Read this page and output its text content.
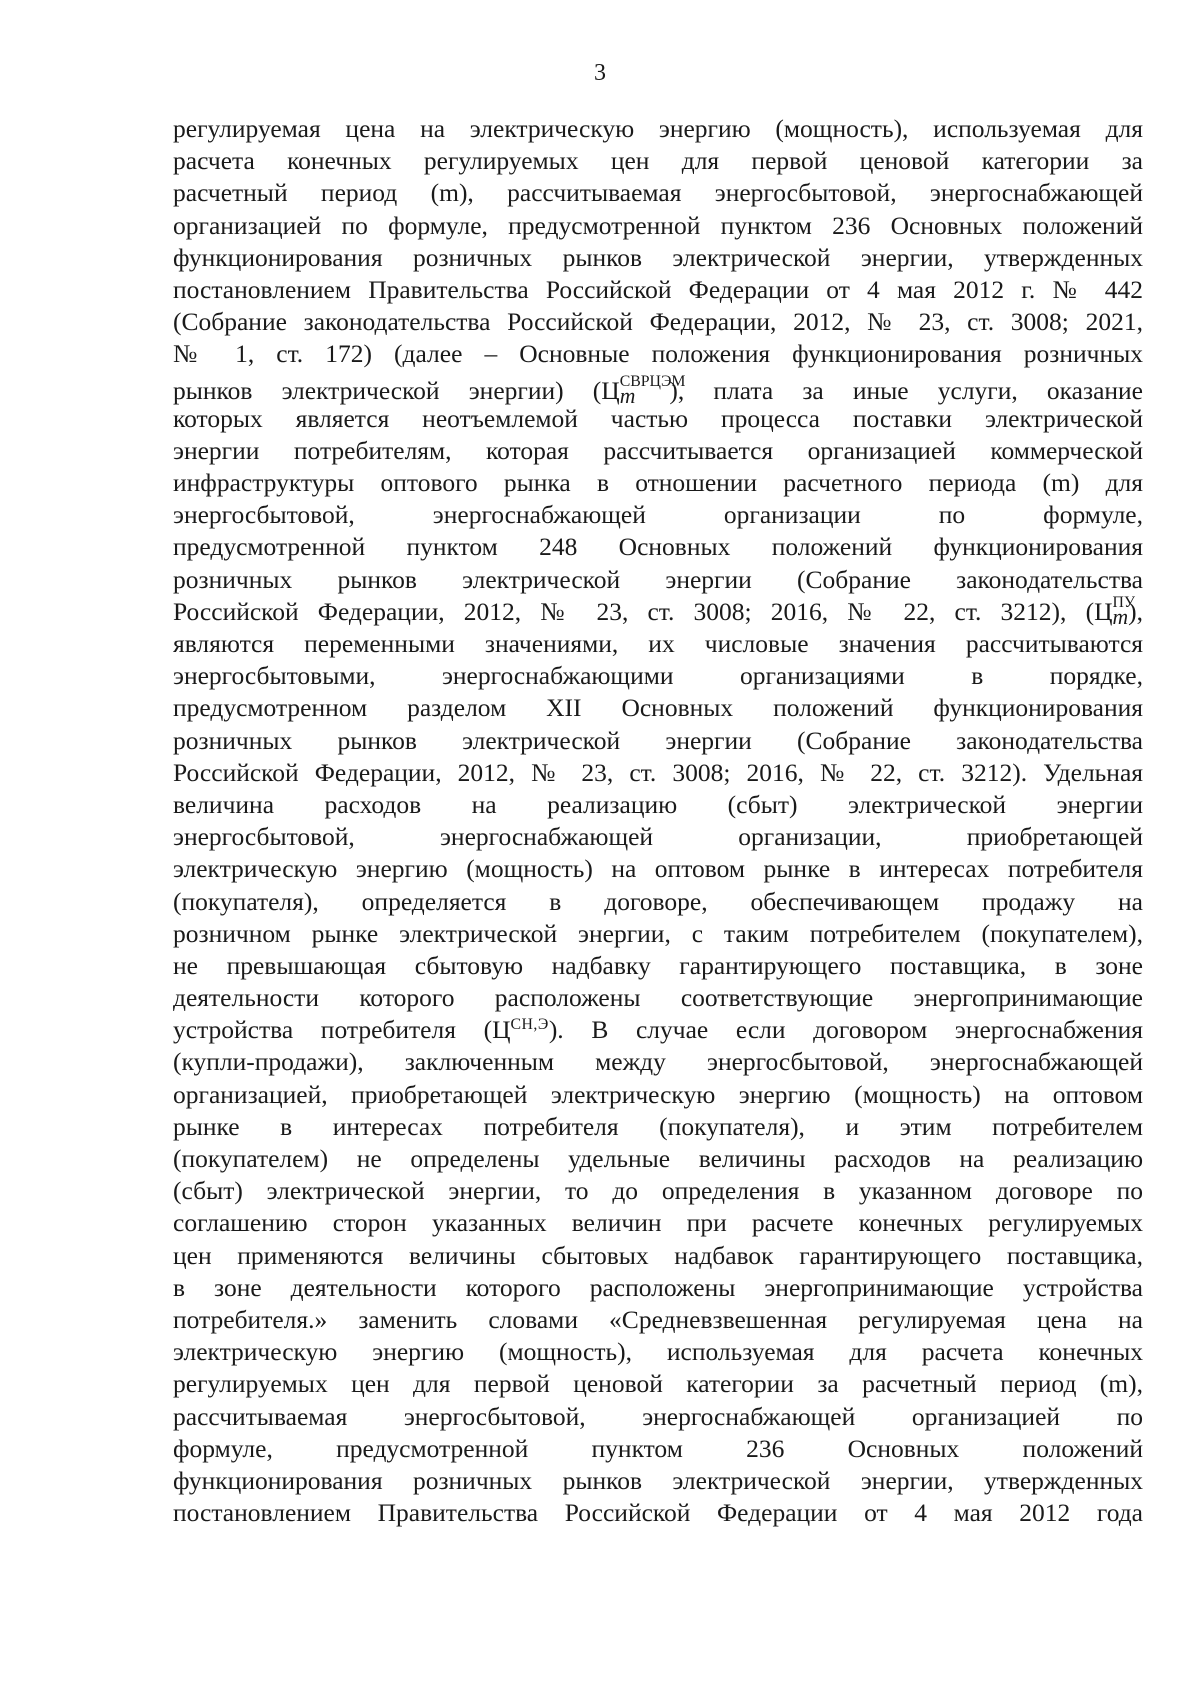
3
регулируемая цена на электрическую энергию (мощность), используемая для
расчета конечных регулируемых цен для первой ценовой категории за
расчетный период (m), рассчитываемая энергосбытовой, энергоснабжающей
организацией по формуле, предусмотренной пунктом 236 Основных положений
функционирования розничных рынков электрической энергии, утвержденных
постановлением Правительства Российской Федерации от 4 мая 2012 г. № 442
(Собрание законодательства Российской Федерации, 2012, № 23, ст. 3008; 2021,
№ 1, ст. 172) (далее – Основные положения функционирования розничных
рынков электрической энергии) (Ц СВРЦЭМ
m ), плата за иные услуги, оказание
которых является неотъемлемой частью процесса поставки электрической
энергии потребителям, которая рассчитывается организацией коммерческой
инфраструктуры оптового рынка в отношении расчетного периода (m) для
энергосбытовой, энергоснабжающей организации по формуле,
предусмотренной пунктом 248 Основных положений функционирования
розничных рынков электрической энергии (Собрание законодательства
Российской Федерации, 2012, № 23, ст. 3008; 2016, № 22, ст. 3212), (Ц ПУ
m),
являются переменными значениями, их числовые значения рассчитываются
энергосбытовыми, энергоснабжающими организациями в порядке,
предусмотренном разделом XII Основных положений функционирования
розничных рынков электрической энергии (Собрание законодательства
Российской Федерации, 2012, № 23, ст. 3008; 2016, № 22, ст. 3212). Удельная
величина расходов на реализацию (сбыт) электрической энергии
энергосбытовой, энергоснабжающей организации, приобретающей
электрическую энергию (мощность) на оптовом рынке в интересах потребителя
(покупателя), определяется в договоре, обеспечивающем продажу на
розничном рынке электрической энергии, с таким потребителем (покупателем),
не превышающая сбытовую надбавку гарантирующего поставщика, в зоне
деятельности которого расположены соответствующие энергопринимающие
устройства потребителя $(Ц^{СН,Э})$. В случае если договором энергоснабжения
(купли-продажи), заключенным между энергосбытовой, энергоснабжающей
организацией, приобретающей электрическую энергию (мощность) на оптовом
рынке в интересах потребителя (покупателя), и этим потребителем
(покупателем) не определены удельные величины расходов на реализацию
(сбыт) электрической энергии, то до определения в указанном договоре по
соглашению сторон указанных величин при расчете конечных регулируемых
цен применяются величины сбытовых надбавок гарантирующего поставщика,
в зоне деятельности которого расположены энергопринимающие устройства
потребителя.» заменить словами «Средневзвешенная регулируемая цена на
электрическую энергию (мощность), используемая для расчета конечных
регулируемых цен для первой ценовой категории за расчетный период (m),
рассчитываемая энергосбытовой, энергоснабжающей организацией по
формуле, предусмотренной пунктом 236 Основных положений
функционирования розничных рынков электрической энергии, утвержденных
постановлением Правительства Российской Федерации от 4 мая 2012 года
